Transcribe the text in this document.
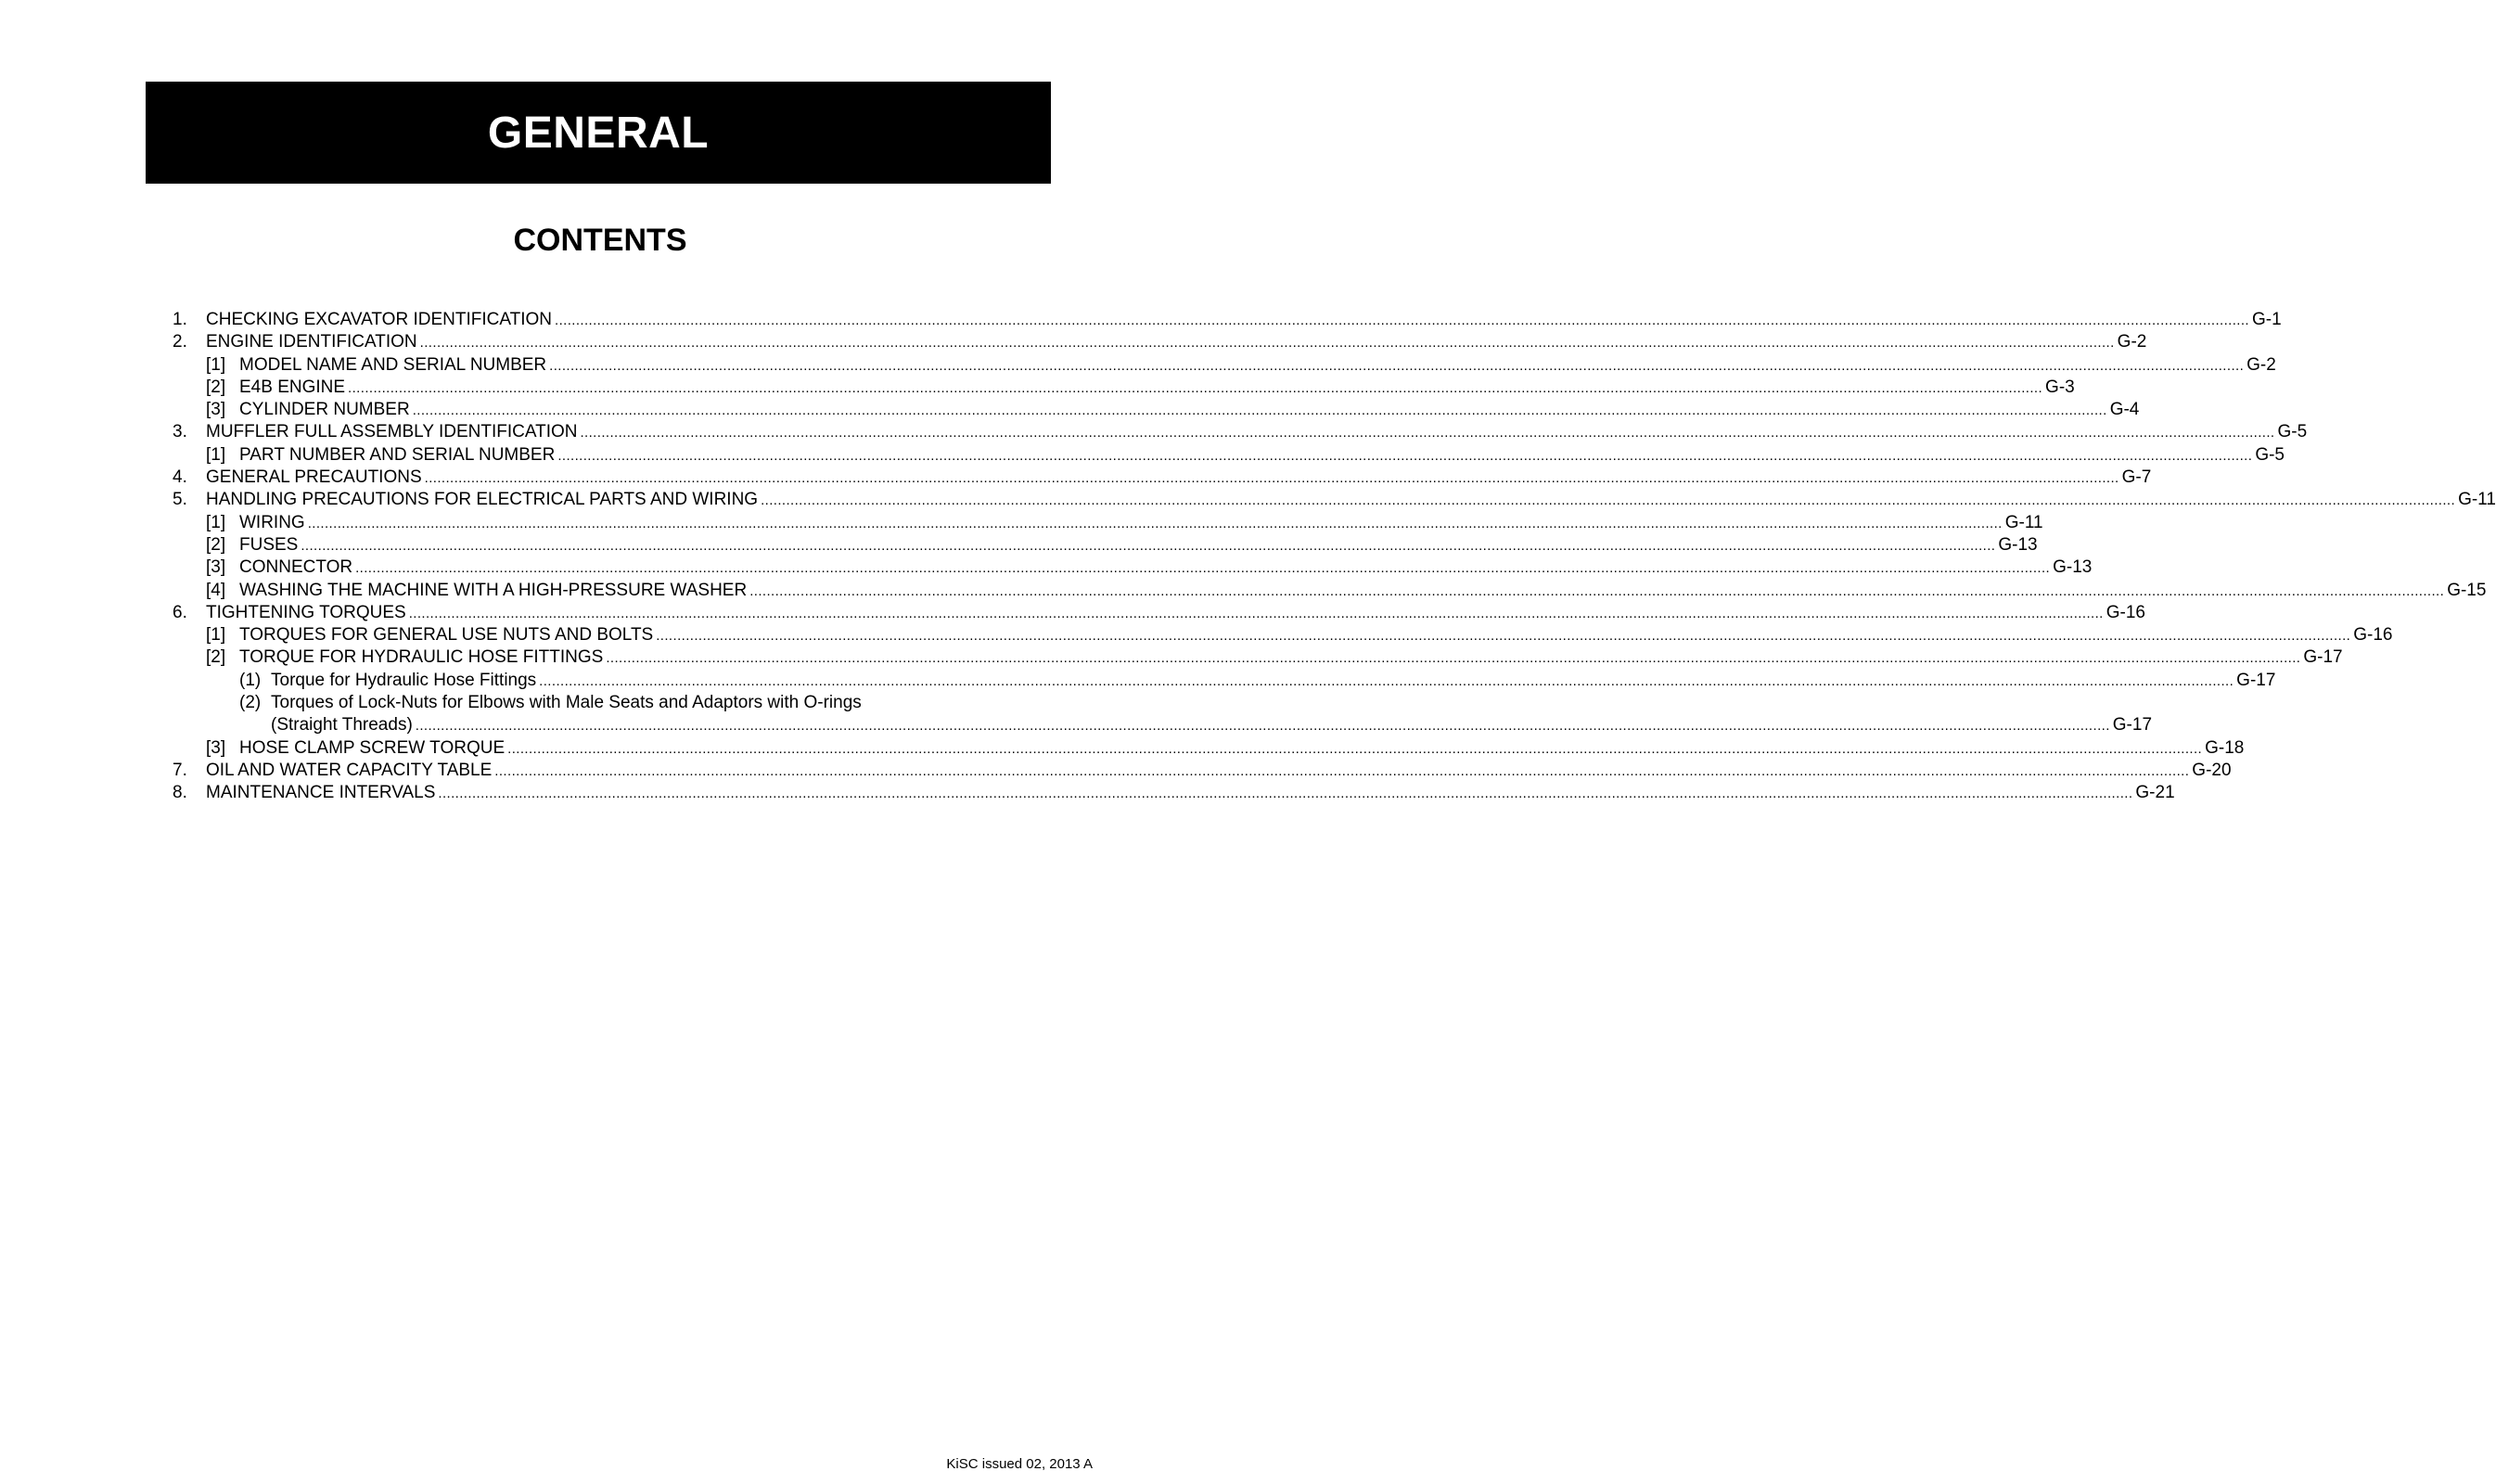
GENERAL
CONTENTS
1. CHECKING EXCAVATOR IDENTIFICATION ................................................................................................................................................................................................................................................................................................................................................................................................................ G-1
2. ENGINE IDENTIFICATION ................................................................................................................................................................................................................................................................................................................................................................................................................ G-2
[1] MODEL NAME AND SERIAL NUMBER ................................................................................................................................................................................................................................................................................................................................................................................................................ G-2
[2] E4B ENGINE ................................................................................................................................................................................................................................................................................................................................................................................................................ G-3
[3] CYLINDER NUMBER ................................................................................................................................................................................................................................................................................................................................................................................................................ G-4
3. MUFFLER FULL ASSEMBLY IDENTIFICATION ................................................................................................................................................................................................................................................................................................................................................................................................................ G-5
[1] PART NUMBER AND SERIAL NUMBER ................................................................................................................................................................................................................................................................................................................................................................................................................ G-5
4. GENERAL PRECAUTIONS ................................................................................................................................................................................................................................................................................................................................................................................................................ G-7
5. HANDLING PRECAUTIONS FOR ELECTRICAL PARTS AND WIRING ................................................................................................................................................................................................................................................................................................................................................................................................................ G-11
[1] WIRING ................................................................................................................................................................................................................................................................................................................................................................................................................ G-11
[2] FUSES ................................................................................................................................................................................................................................................................................................................................................................................................................ G-13
[3] CONNECTOR ................................................................................................................................................................................................................................................................................................................................................................................................................ G-13
[4] WASHING THE MACHINE WITH A HIGH-PRESSURE WASHER ................................................................................................................................................................................................................................................................................................................................................................................................................ G-15
6. TIGHTENING TORQUES ................................................................................................................................................................................................................................................................................................................................................................................................................ G-16
[1] TORQUES FOR GENERAL USE NUTS AND BOLTS ................................................................................................................................................................................................................................................................................................................................................................................................................ G-16
[2] TORQUE FOR HYDRAULIC HOSE FITTINGS ................................................................................................................................................................................................................................................................................................................................................................................................................ G-17
(1) Torque for Hydraulic Hose Fittings ................................................................................................................................................................................................................................................................................................................................................................................................................ G-17
(2) Torques of Lock-Nuts for Elbows with Male Seats and Adaptors with O-rings
(Straight Threads) ................................................................................................................................................................................................................................................................................................................................................................................................................ G-17
[3] HOSE CLAMP SCREW TORQUE ................................................................................................................................................................................................................................................................................................................................................................................................................ G-18
7. OIL AND WATER CAPACITY TABLE ................................................................................................................................................................................................................................................................................................................................................................................................................ G-20
8. MAINTENANCE INTERVALS ................................................................................................................................................................................................................................................................................................................................................................................................................ G-21
KiSC issued 02, 2013 A
